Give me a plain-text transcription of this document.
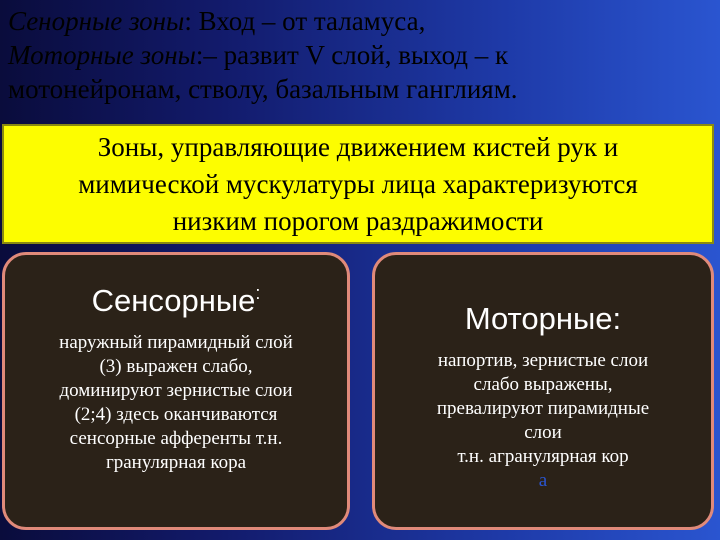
Сенорные зоны: Вход – от таламуса,
Моторные зоны:– развит V слой, выход – к
мотонейронам, стволу, базальным ганглиям.
Зоны, управляющие движением кистей рук и
мимической мускулатуры лица характеризуются
низким порогом раздражимости
Сенсорные:
наружный пирамидный слой
(3) выражен слабо,
доминируют зернистые слои
(2;4) здесь оканчиваются
сенсорные афференты т.н.
гранулярная кора
Моторные:
напортив, зернистые слои
слабо выражены,
превалируют пирамидные
слои
т.н. агранулярная кор
а
